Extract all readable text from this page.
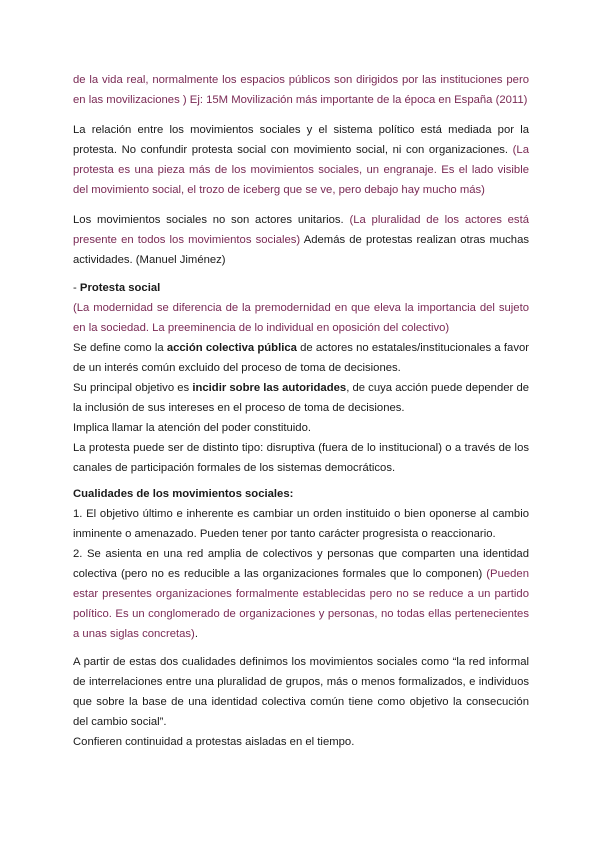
de la vida real, normalmente los espacios públicos son dirigidos por las instituciones pero en las movilizaciones ) Ej: 15M Movilización más importante de la época en España (2011)
La relación entre los movimientos sociales y el sistema político está mediada por la protesta. No confundir protesta social con movimiento social, ni con organizaciones. (La protesta es una pieza más de los movimientos sociales, un engranaje. Es el lado visible del movimiento social, el trozo de iceberg que se ve, pero debajo hay mucho más)
Los movimientos sociales no son actores unitarios. (La pluralidad de los actores está presente en todos los movimientos sociales) Además de protestas realizan otras muchas actividades. (Manuel Jiménez)
- Protesta social
(La modernidad se diferencia de la premodernidad en que eleva la importancia del sujeto en la sociedad. La preeminencia de lo individual en oposición del colectivo)
Se define como la acción colectiva pública de actores no estatales/institucionales a favor de un interés común excluido del proceso de toma de decisiones.
Su principal objetivo es incidir sobre las autoridades, de cuya acción puede depender de la inclusión de sus intereses en el proceso de toma de decisiones.
Implica llamar la atención del poder constituido.
La protesta puede ser de distinto tipo: disruptiva (fuera de lo institucional) o a través de los canales de participación formales de los sistemas democráticos.
Cualidades de los movimientos sociales:
1. El objetivo último e inherente es cambiar un orden instituido o bien oponerse al cambio inminente o amenazado. Pueden tener por tanto carácter progresista o reaccionario.
2. Se asienta en una red amplia de colectivos y personas que comparten una identidad colectiva (pero no es reducible a las organizaciones formales que lo componen) (Pueden estar presentes organizaciones formalmente establecidas pero no se reduce a un partido político. Es un conglomerado de organizaciones y personas, no todas ellas pertenecientes a unas siglas concretas).
A partir de estas dos cualidades definimos los movimientos sociales como “la red informal de interrelaciones entre una pluralidad de grupos, más o menos formalizados, e individuos que sobre la base de una identidad colectiva común tiene como objetivo la consecución del cambio social”.
Confieren continuidad a protestas aisladas en el tiempo.
